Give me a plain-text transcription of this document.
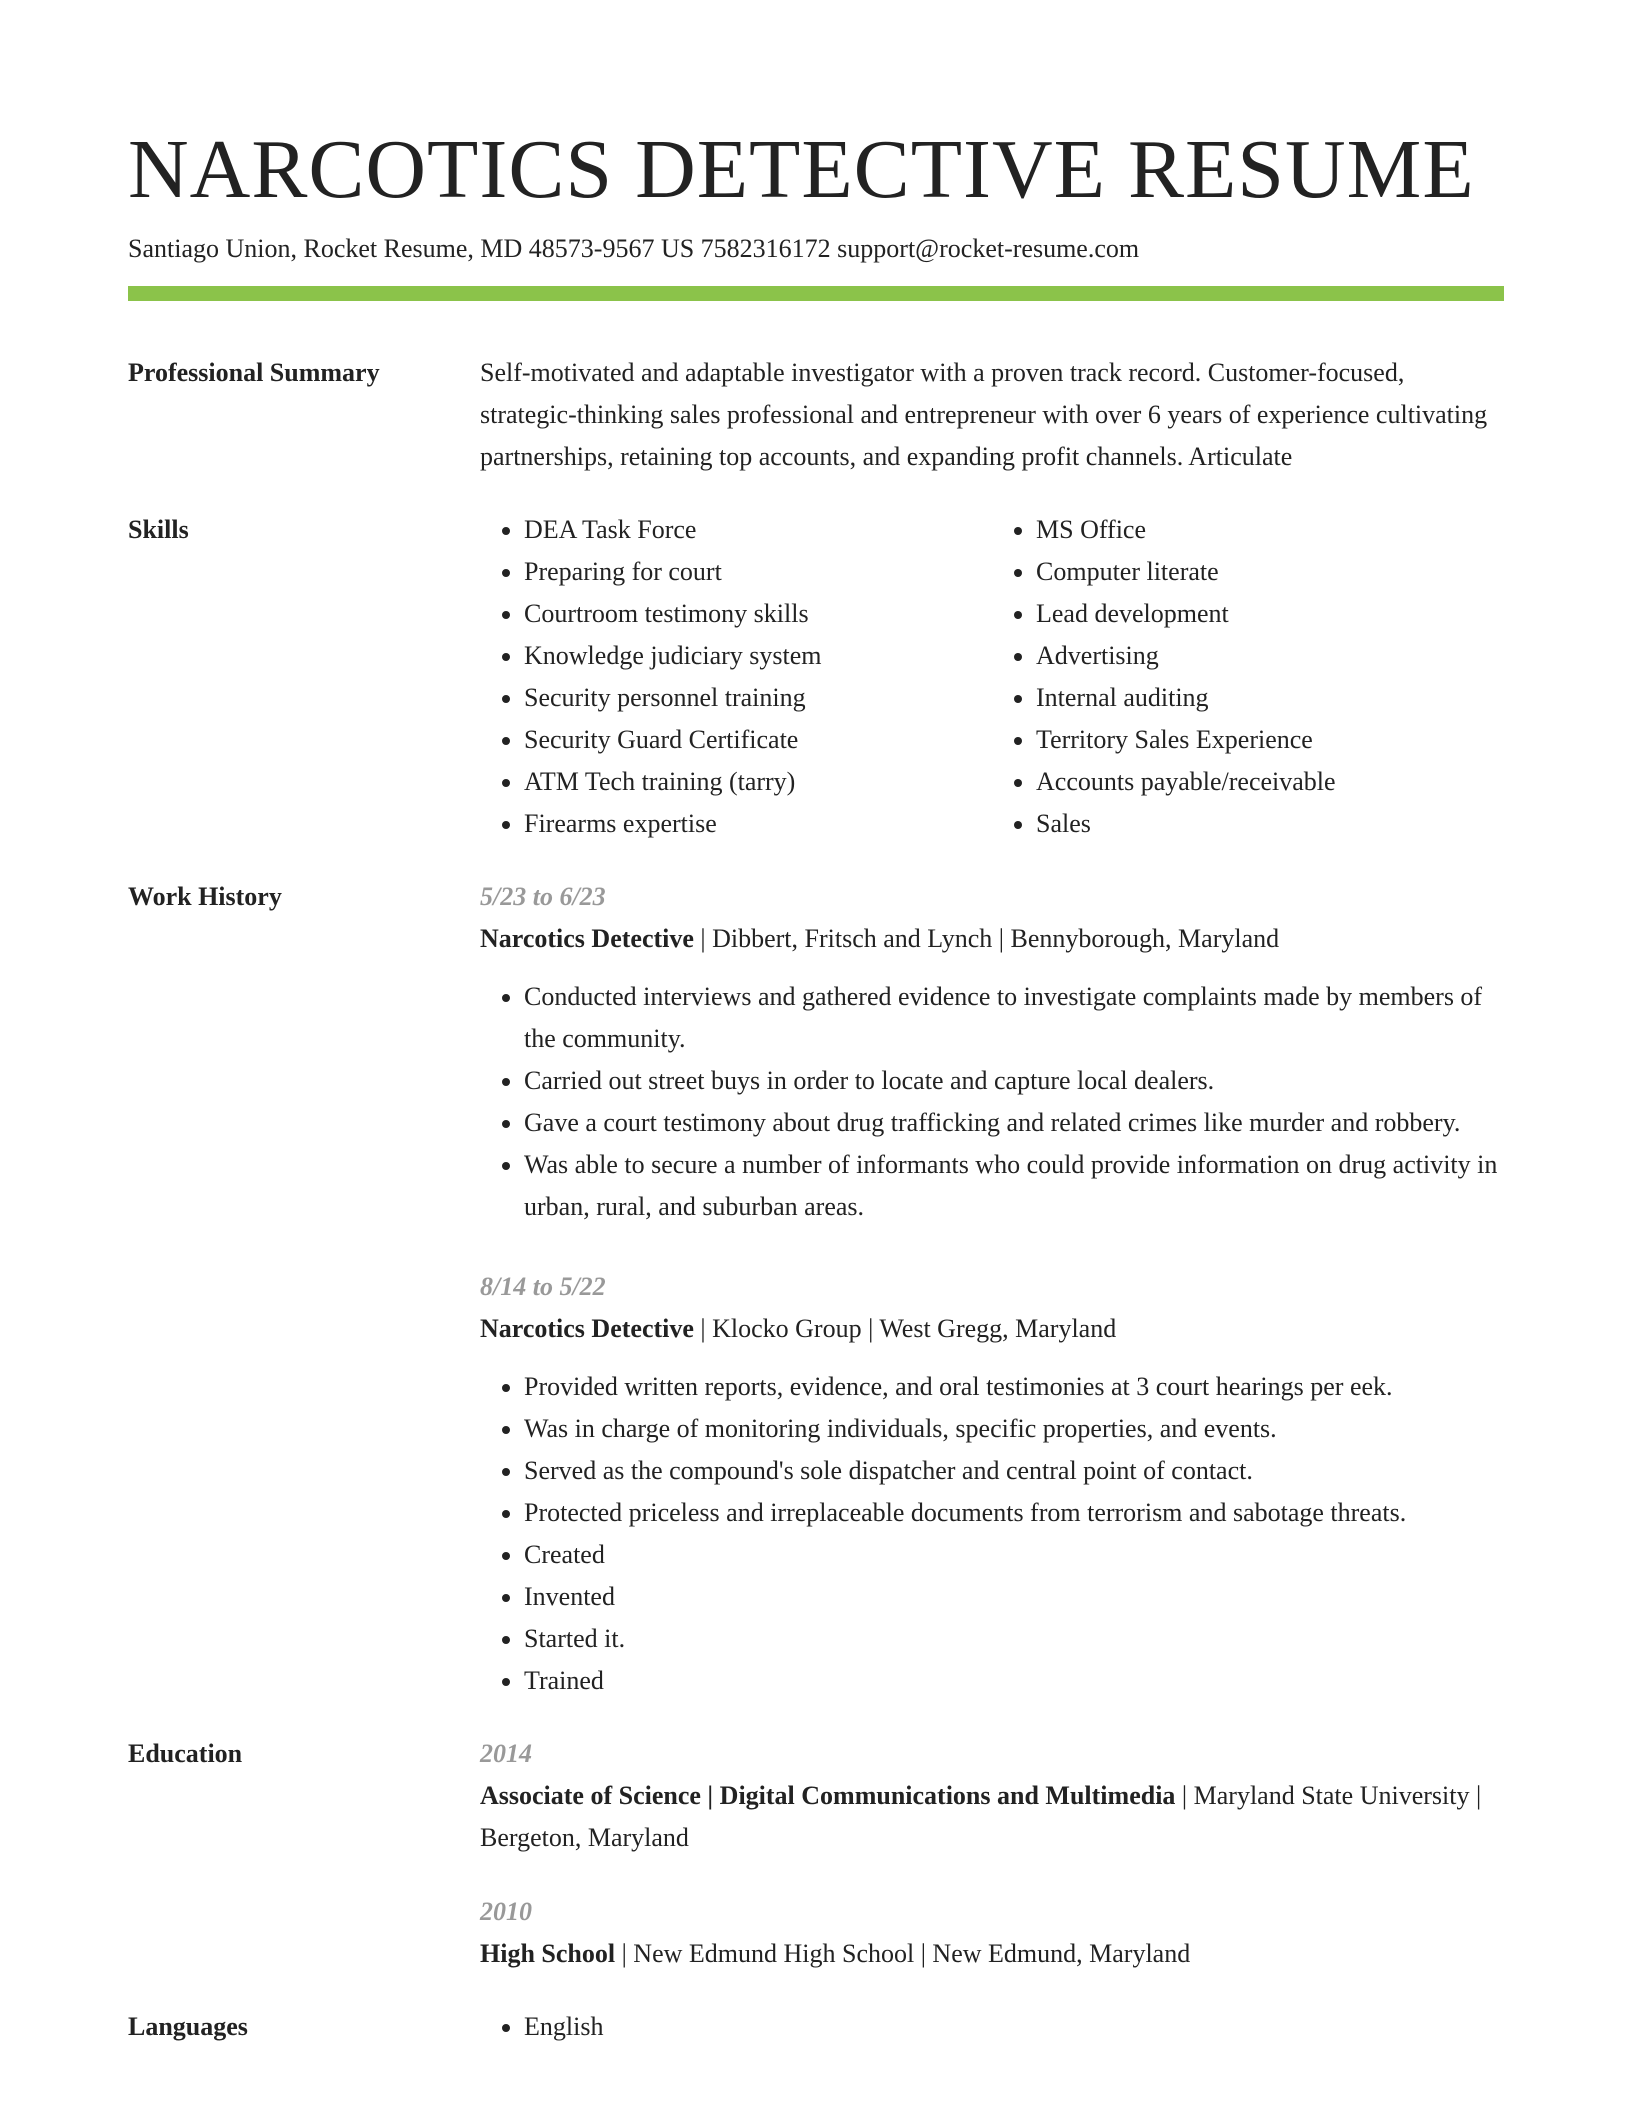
NARCOTICS DETECTIVE RESUME
Santiago Union, Rocket Resume, MD 48573-9567 US 7582316172 support@rocket-resume.com
Professional Summary	Self-motivated and adaptable investigator with a proven track record. Customer-focused, strategic-thinking sales professional and entrepreneur with over 6 years of experience cultivating partnerships, retaining top accounts, and expanding profit channels. Articulate

Skills	• DEA Task Force
• Preparing for court
• Courtroom testimony skills
• Knowledge judiciary system
• Security personnel training
• Security Guard Certificate
• ATM Tech training (tarry)
• Firearms expertise
• MS Office
• Computer literate
• Lead development
• Advertising
• Internal auditing
• Territory Sales Experience
• Accounts payable/receivable
• Sales
Work History	5/23 to 6/23
Narcotics Detective | Dibbert, Fritsch and Lynch | Bennyborough, Maryland
• Conducted interviews and gathered evidence to investigate complaints made by members of the community.
• Carried out street buys in order to locate and capture local dealers.
• Gave a court testimony about drug trafficking and related crimes like murder and robbery.
• Was able to secure a number of informants who could provide information on drug activity in urban, rural, and suburban areas.
8/14 to 5/22
Narcotics Detective | Klocko Group | West Gregg, Maryland
• Provided written reports, evidence, and oral testimonies at 3 court hearings per eek.
• Was in charge of monitoring individuals, specific properties, and events.
• Served as the compound's sole dispatcher and central point of contact.
• Protected priceless and irreplaceable documents from terrorism and sabotage threats.
• Created
• Invented
• Started it.
• Trained
Education	2014
Associate of Science | Digital Communications and Multimedia | Maryland State University | Bergeton, Maryland
2010
High School | New Edmund High School | New Edmund, Maryland
Languages	• English
